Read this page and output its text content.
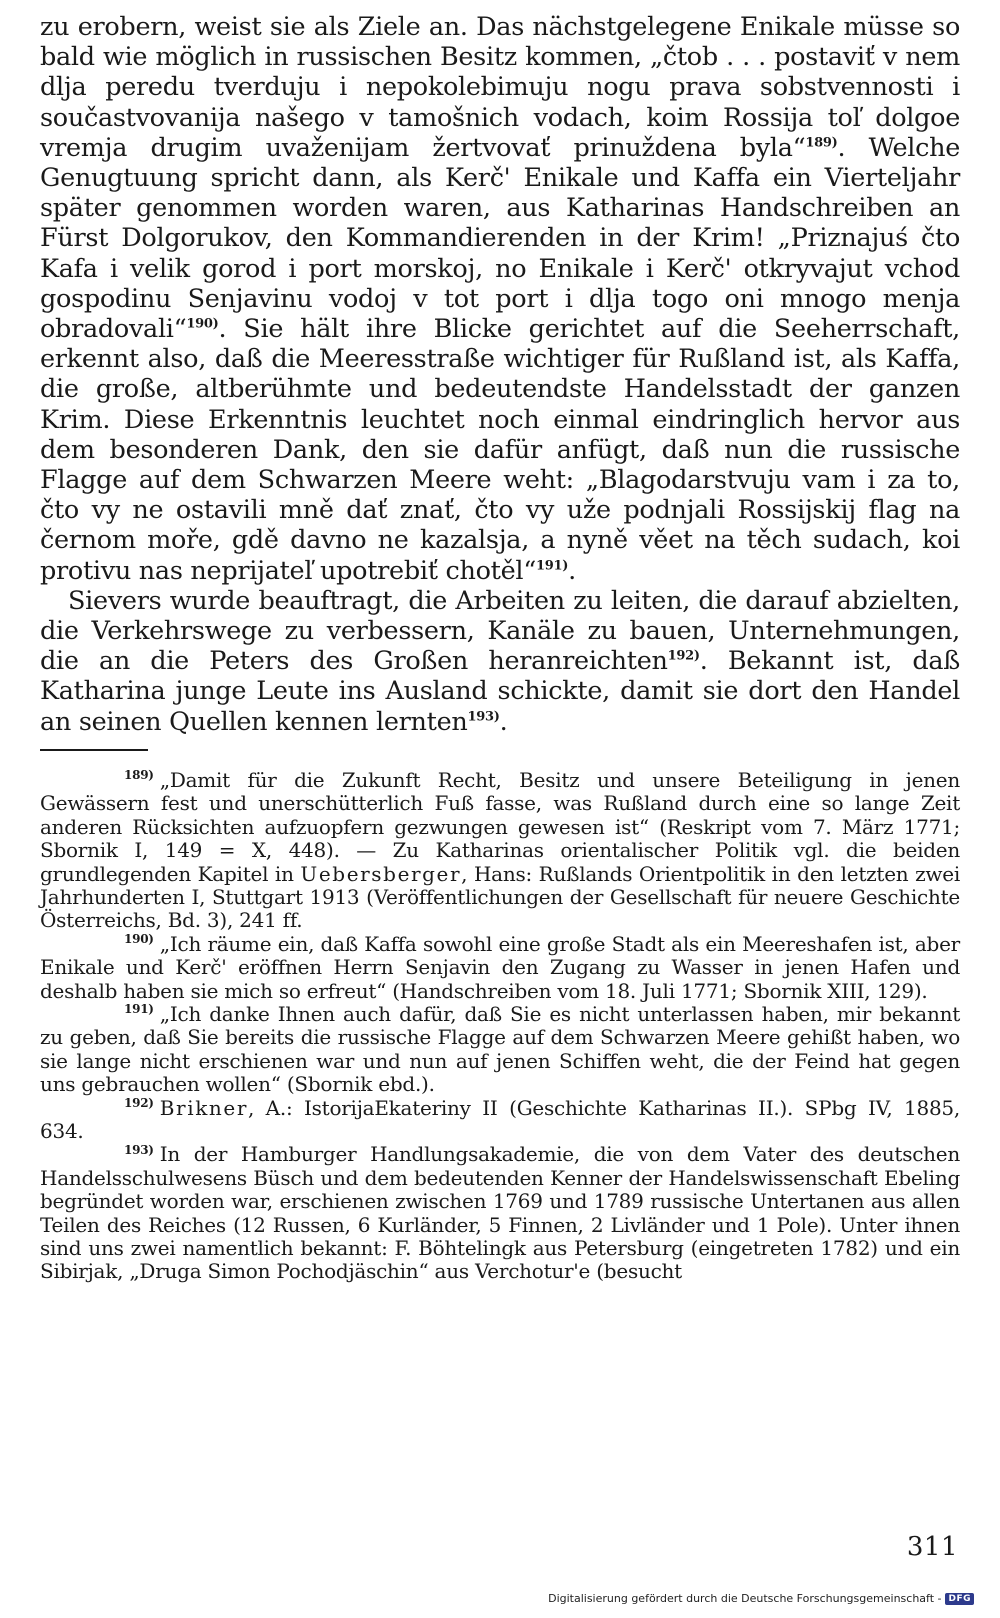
zu erobern, weist sie als Ziele an. Das nächstgelegene Enikale müsse so bald wie möglich in russischen Besitz kommen, „čtob . . . postaviť v nem dlja peredu tverduju i nepokolebimuju nogu prava sobstvennosti i součastvovanija našego v tamošnich vodach, koim Rossija toľ dolgoe vremja drugim uvaženijam žertvovať prinuždena byla“$^{189)}$. Welche Genugtuung spricht dann, als Kerč' Enikale und Kaffa ein Vierteljahr später genommen worden waren, aus Katharinas Handschreiben an Fürst Dolgorukov, den Kommandierenden in der Krim! „Priznajuś čto Kafa i velik gorod i port morskoj, no Enikale i Kerč' otkryvajut vchod gospodinu Senjavinu vodoj v tot port i dlja togo oni mnogo menja obradovali“$^{190)}$. Sie hält ihre Blicke gerichtet auf die Seeherrschaft, erkennt also, daß die Meeresstraße wichtiger für Rußland ist, als Kaffa, die große, altberühmte und bedeutendste Handelsstadt der ganzen Krim. Diese Erkenntnis leuchtet noch einmal eindringlich hervor aus dem besonderen Dank, den sie dafür anfügt, daß nun die russische Flagge auf dem Schwarzen Meere weht: „Blagodarstvuju vam i za to, čto vy ne ostavili mně dať znať, čto vy uže podnjali Rossijskij flag na černom moře, gdě davno ne kazalsja, a nyně věet na těch sudach, koi protivu nas neprijateľ upotrebiť chotěl“$^{191)}$.

Sievers wurde beauftragt, die Arbeiten zu leiten, die darauf abzielten, die Verkehrswege zu verbessern, Kanäle zu bauen, Unternehmungen, die an die Peters des Großen heranreichten$^{192)}$. Bekannt ist, daß Katharina junge Leute ins Ausland schickte, damit sie dort den Handel an seinen Quellen kennen lernten$^{193)}$.

$^{189)}$ „Damit für die Zukunft Recht, Besitz und unsere Beteiligung in jenen Gewässern fest und unerschütterlich Fuß fasse, was Rußland durch eine so lange Zeit anderen Rücksichten aufzuopfern gezwungen gewesen ist“ (Reskript vom 7. März 1771; Sbornik I, 149 = X, 448). — Zu Katharinas orientalischer Politik vgl. die beiden grundlegenden Kapitel in Uebersberger, Hans: Rußlands Orientpolitik in den letzten zwei Jahrhunderten I, Stuttgart 1913 (Veröffentlichungen der Gesellschaft für neuere Geschichte Österreichs, Bd. 3), 241 ff.

$^{190)}$ „Ich räume ein, daß Kaffa sowohl eine große Stadt als ein Meereshafen ist, aber Enikale und Kerč' eröffnen Herrn Senjavin den Zugang zu Wasser in jenen Hafen und deshalb haben sie mich so erfreut“ (Handschreiben vom 18. Juli 1771; Sbornik XIII, 129).

$^{191)}$ „Ich danke Ihnen auch dafür, daß Sie es nicht unterlassen haben, mir bekannt zu geben, daß Sie bereits die russische Flagge auf dem Schwarzen Meere gehißt haben, wo sie lange nicht erschienen war und nun auf jenen Schiffen weht, die der Feind hat gegen uns gebrauchen wollen“ (Sbornik ebd.).

$^{192)}$ Brikner, A.: IstorijaEkateriny II (Geschichte Katharinas II.). SPbg IV, 1885, 634.

$^{193)}$ In der Hamburger Handlungsakademie, die von dem Vater des deutschen Handelsschulwesens Büsch und dem bedeutenden Kenner der Handelswissenschaft Ebeling begründet worden war, erschienen zwischen 1769 und 1789 russische Untertanen aus allen Teilen des Reiches (12 Russen, 6 Kurländer, 5 Finnen, 2 Livländer und 1 Pole). Unter ihnen sind uns zwei namentlich bekannt: F. Böhtelingk aus Petersburg (eingetreten 1782) und ein Sibirjak, „Druga Simon Pochodjäschin“ aus Verchotur'e (besucht

311
Digitalisierung gefördert durch die Deutsche Forschungsgemeinschaft - DFG
